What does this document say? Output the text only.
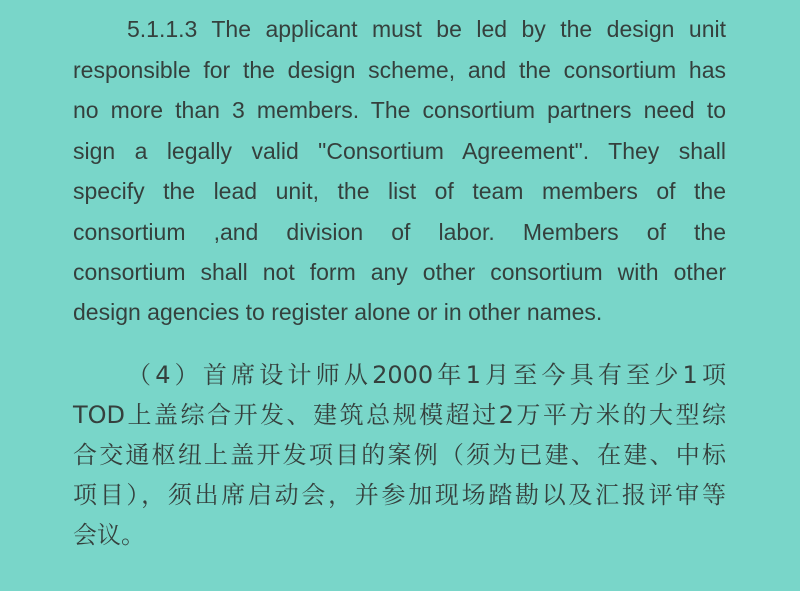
5.1.1.3 The applicant must be led by the design unit
responsible for the design scheme, and the consortium has
no more than 3 members. The consortium partners need to
sign a legally valid "Consortium Agreement". They shall
specify the lead unit, the list of team members of the
consortium ,and division of labor. Members of the
consortium shall not form any other consortium with other
design agencies to register alone or in other names.
（4）首席设计师从2000年1月至今具有至少1项
TOD上盖综合开发、建筑总规模超过2万平方米的大型综
合交通枢纽上盖开发项目的案例（须为已建、在建、中标
项目），须出席启动会，并参加现场踏勘以及汇报评审等
会议。
